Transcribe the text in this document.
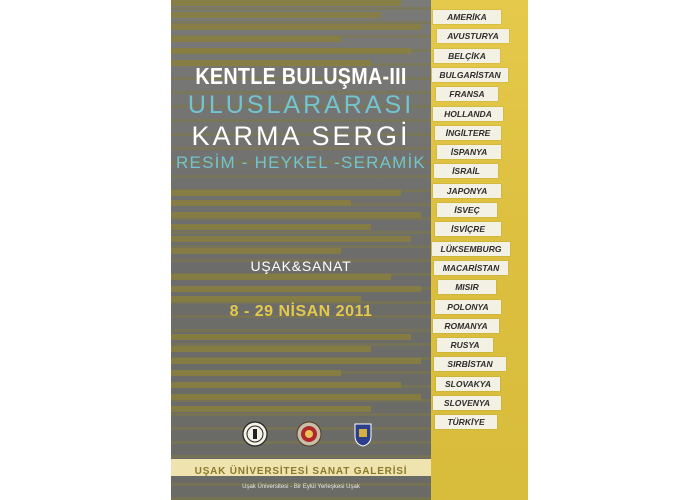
KENTLE BULUŞMA-III
ULUSLARARASI
KARMA SERGİ
RESİM - HEYKEL -SERAMİK
UŞAK&SANAT
8 - 29 NİSAN 2011
UŞAK ÜNİVERSİTESİ SANAT GALERİSİ
Uşak Üniversitesi - Bir Eylül Yerleşkesi Uşak
AMERİKA
AVUSTURYA
BELÇİKA
BULGARİSTAN
FRANSA
HOLLANDA
İNGİLTERE
İSPANYA
İSRAİL
JAPONYA
İSVEÇ
İSVİÇRE
LÜKSEMBURG
MACARİSTAN
MISIR
POLONYA
ROMANYA
RUSYA
SIRBİSTAN
SLOVAKYA
SLOVENYA
TÜRKİYE
